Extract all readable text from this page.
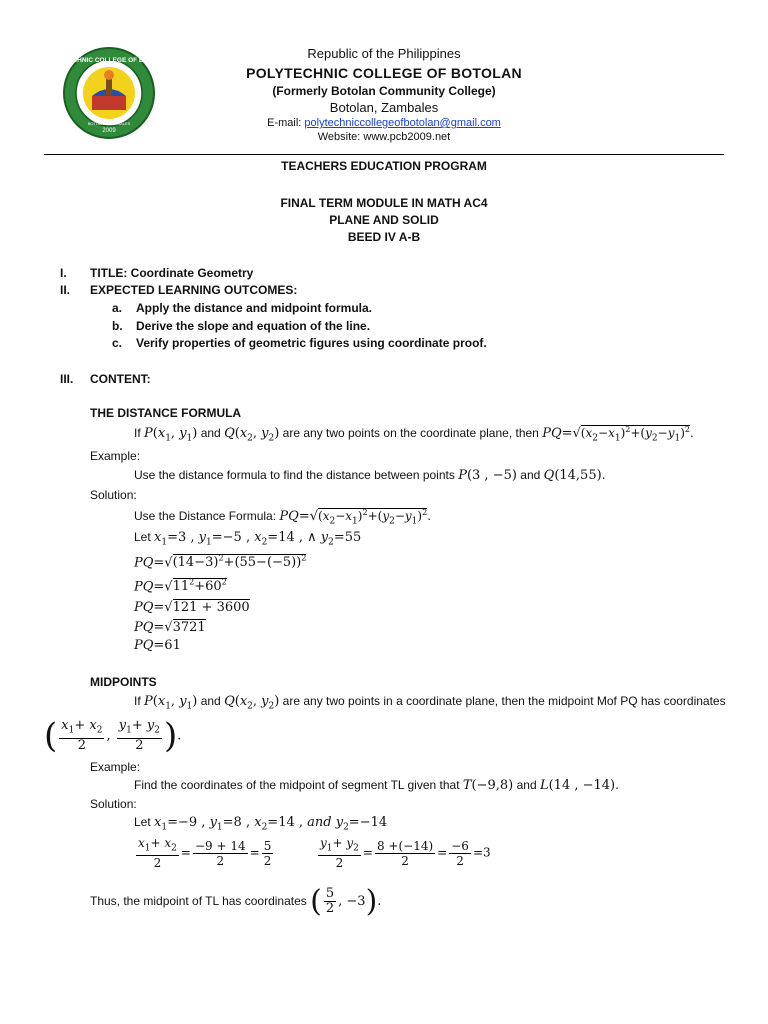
2009
POLYTECHNIC COLLEGE OF BOTOLAN
BOTOLAN, ZAMBALES
Republic of the Philippines
POLYTECHNIC COLLEGE OF BOTOLAN
(Formerly Botolan Community College)
Botolan, Zambales
E-mail: polytechniccollegeofbotolan@gmail.com
Website: www.pcb2009.net
TEACHERS EDUCATION PROGRAM
FINAL TERM MODULE IN MATH AC4
PLANE AND SOLID
BEED IV A-B
I. TITLE: Coordinate Geometry
II. EXPECTED LEARNING OUTCOMES:
a. Apply the distance and midpoint formula.
b. Derive the slope and equation of the line.
c. Verify properties of geometric figures using coordinate proof.
III. CONTENT:
THE DISTANCE FORMULA
If $P(x_1$, $y_1$) and $Q(x_2$, $y_2$) are any two points on the coordinate plane, then $PQ=√(x_2-x_1)^2+(y_2-y_1)^2$.
Example:
Use the distance formula to find the distance between points P(3 , −5) and Q(14,55).
Solution:
Use the Distance Formula: $PQ=√(x_2-x_1)^2+(y_2-y_1)^2$.
Let $x_1=3$ , $y_1=-5$ , $x_2=14$ , ∧ $y_2=55$
$PQ=√(14-3)^2+(55-(-5))^2$
$PQ=√11^2+60^2$
PQ=√121 + 3600
PQ=√3721
PQ=61
MIDPOINTS
If $P(x_1$, $y_1$) and $Q(x_2$, $y_2$) are any two points in a coordinate plane, then the midpoint Mof PQ has coordinates
( $\frac{x_1+ x_2}{2}$ , $\frac{y_1+ y_2}{2}$ ).
Example:
Find the coordinates of the midpoint of segment TL given that T(−9,8) and L(14 , −14).
Solution:
Let $x_1=-9$ , $y_1=8$ , $x_2=14$ , and $y_2=-14$
$\frac{x_1+ x_2}{2} = \frac{-9 + 14}{2} = \frac{5}{2}$	$\frac{y_1+ y_2}{2} = \frac{8 +(-14)}{2} = \frac{-6}{2} =3$
Thus, the midpoint of TL has coordinates ( $\frac{5}{2}$ , −3).
